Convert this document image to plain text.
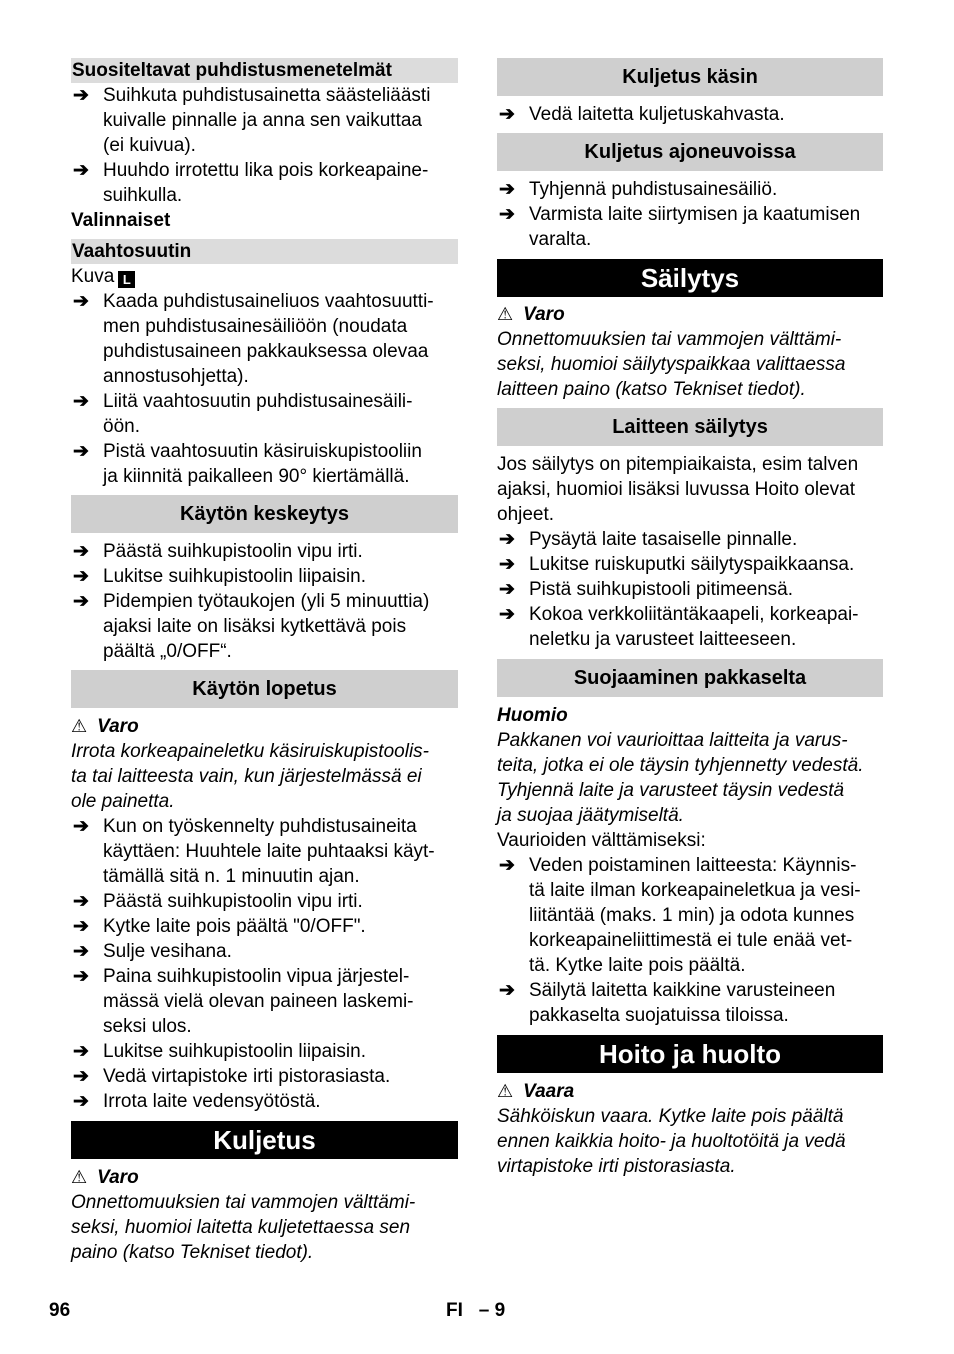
Suositeltavat puhdistusmenetelmät
➔ Suihkuta puhdistusainetta säästeliäästi
kuivalle pinnalle ja anna sen vaikuttaa
(ei kuivua).
➔ Huuhdo irrotettu lika pois korkeapaine-
suihkulla.
Valinnaiset
Vaahtosuutin
Kuva L
➔ Kaada puhdistusaineliuos vaahtosuutti-
men puhdistusainesäiliöön (noudata
puhdistusaineen pakkauksessa olevaa
annostusohjetta).
➔ Liitä vaahtosuutin puhdistusainesäili-
öön.
➔ Pistä vaahtosuutin käsiruiskupistooliin
ja kiinnitä paikalleen 90° kiertämällä.
Käytön keskeytys
➔ Päästä suihkupistoolin vipu irti.
➔ Lukitse suihkupistoolin liipaisin.
➔ Pidempien työtaukojen (yli 5 minuuttia)
ajaksi laite on lisäksi kytkettävä pois
päältä „0/OFF“.
Käytön lopetus
⚠ Varo
Irrota korkeapaineletku käsiruiskupistoolis-
ta tai laitteesta vain, kun järjestelmässä ei
ole painetta.
➔ Kun on työskennelty puhdistusaineita
käyttäen: Huuhtele laite puhtaaksi käyt-
tämällä sitä n. 1 minuutin ajan.
➔ Päästä suihkupistoolin vipu irti.
➔ Kytke laite pois päältä "0/OFF".
➔ Sulje vesihana.
➔ Paina suihkupistoolin vipua järjestel-
mässä vielä olevan paineen laskemi-
seksi ulos.
➔ Lukitse suihkupistoolin liipaisin.
➔ Vedä virtapistoke irti pistorasiasta.
➔ Irrota laite vedensyötöstä.
Kuljetus
⚠ Varo
Onnettomuuksien tai vammojen välttämi-
seksi, huomioi laitetta kuljetettaessa sen
paino (katso Tekniset tiedot).
Kuljetus käsin
➔ Vedä laitetta kuljetuskahvasta.
Kuljetus ajoneuvoissa
➔ Tyhjennä puhdistusainesäiliö.
➔ Varmista laite siirtymisen ja kaatumisen
varalta.
Säilytys
⚠ Varo
Onnettomuuksien tai vammojen välttämi-
seksi, huomioi säilytyspaikkaa valittaessa
laitteen paino (katso Tekniset tiedot).
Laitteen säilytys
Jos säilytys on pitempiaikaista, esim talven
ajaksi, huomioi lisäksi luvussa Hoito olevat
ohjeet.
➔ Pysäytä laite tasaiselle pinnalle.
➔ Lukitse ruiskuputki säilytyspaikkaansa.
➔ Pistä suihkupistooli pitimeensä.
➔ Kokoa verkkoliitäntäkaapeli, korkeapai-
neletku ja varusteet laitteeseen.
Suojaaminen pakkaselta
Huomio
Pakkanen voi vaurioittaa laitteita ja varus-
teita, jotka ei ole täysin tyhjennetty vedestä.
Tyhjennä laite ja varusteet täysin vedestä
ja suojaa jäätymiseltä.
Vaurioiden välttämiseksi:
➔ Veden poistaminen laitteesta: Käynnis-
tä laite ilman korkeapaineletkua ja vesi-
liitäntää (maks. 1 min) ja odota kunnes
korkeapaineliittimestä ei tule enää vet-
tä. Kytke laite pois päältä.
➔ Säilytä laitetta kaikkine varusteineen
pakkaselta suojatuissa tiloissa.
Hoito ja huolto
⚠ Vaara
Sähköiskun vaara. Kytke laite pois päältä
ennen kaikkia hoito- ja huoltotöitä ja vedä
virtapistoke irti pistorasiasta.
96	FI   – 9
